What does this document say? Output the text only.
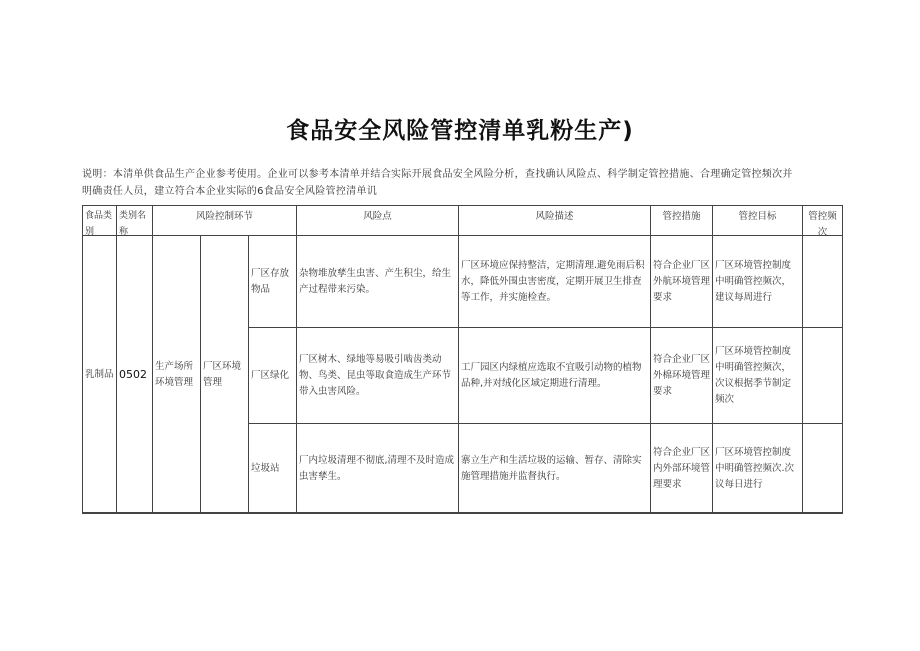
食品安全风险管控清单乳粉生产)
说明：本清单供食品生产企业参考使用。企业可以参考本清单并结合实际开展食品安全风险分析，查找确认风险点、科学制定管控措施、合理确定管控频次并
明确责任人员，建立符合本企业实际的6食品安全风险管控清单讥
食品类别	类别名称	风险控制环节	风险点	风险描述	管控措施	管控目标	管控频次
乳制品	0502	生产场所环境管理	厂区环境管理	厂区存放物品	杂物堆放孳生虫害、产生积尘，给生产过程带来污染。	厂区环境应保持整洁，定期清理.避免雨后积水，降低外围虫害密度，定期开展卫生排查等工作，并实施检查。	符合企业厂区外航环境管理要求	厂区环境管控制度中明确管控频次，建议每周进行	
				厂区绿化	厂区树木、绿地等易吸引啮齿类动物、鸟类、昆虫等取食造成生产环节带入虫害风险。	工厂园区内绿植应选取不宜吸引动物的植物品种,并对绒化区域定期进行清理。	符合企业厂区外棉环境管理要求	厂区环境管控制度中明确管控频次，次议根据季节制定频次	
				垃圾站	厂内垃圾清理不彻底,清理不及时造成虫害孳生。	寨立生产和生活垃圾的运输、暂存、清除实施管理措施并监督执行。	符合企业厂区内外部环境管理要求	厂区环境管控制度中明确管控频次.次议每日进行	
